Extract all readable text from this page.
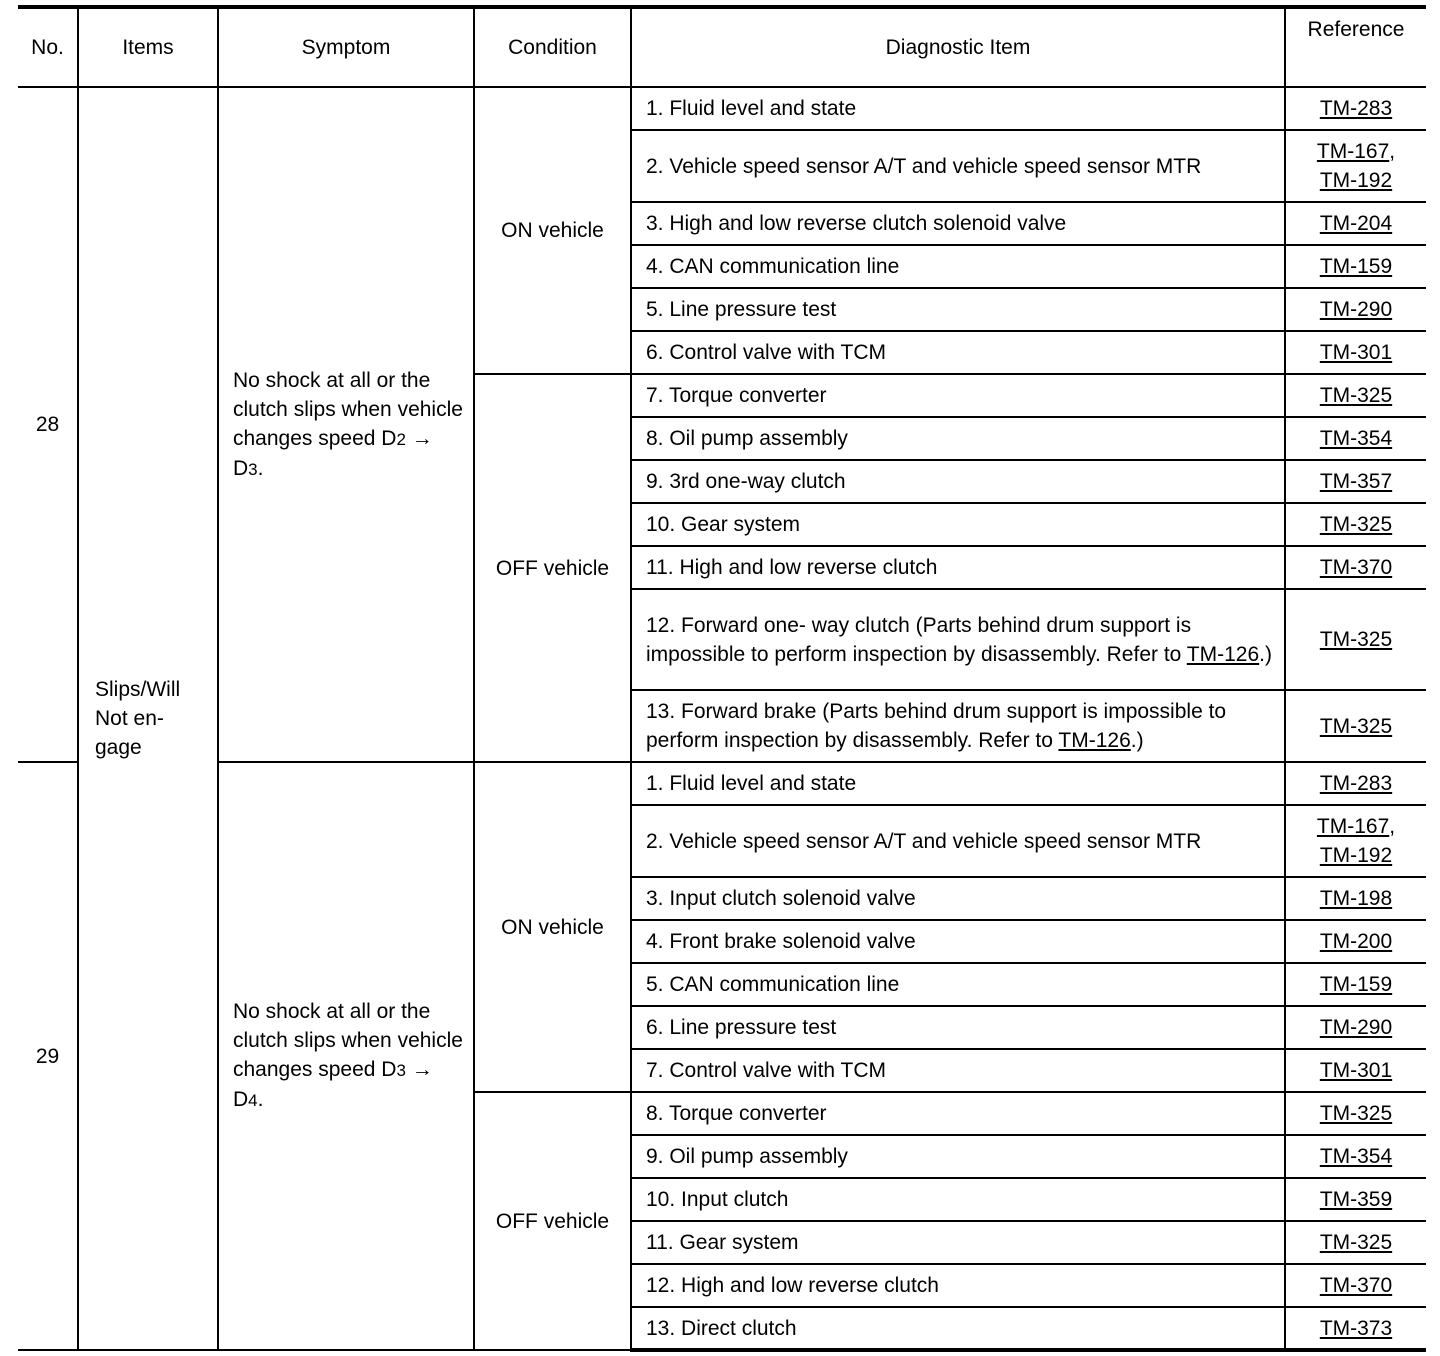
No.	Items	Symptom	Condition	Diagnostic Item	Reference
28	Slips/Will Not en-gage	No shock at all or the clutch slips when vehicle changes speed D2 → D3.	ON vehicle	1. Fluid level and state	TM-283
				2. Vehicle speed sensor A/T and vehicle speed sensor MTR	TM-167,
TM-192
				3. High and low reverse clutch solenoid valve	TM-204
				4. CAN communication line	TM-159
				5. Line pressure test	TM-290
				6. Control valve with TCM	TM-301
			OFF vehicle	7. Torque converter	TM-325
				8. Oil pump assembly	TM-354
				9. 3rd one-way clutch	TM-357
				10. Gear system	TM-325
				11. High and low reverse clutch	TM-370
				12. Forward one- way clutch (Parts behind drum support is impossible to perform inspection by disassembly. Refer to TM-126.)	TM-325
				13. Forward brake (Parts behind drum support is impossible to perform inspection by disassembly. Refer to TM-126.)	TM-325
29		No shock at all or the clutch slips when vehicle changes speed D3 → D4.	ON vehicle	1. Fluid level and state	TM-283
				2. Vehicle speed sensor A/T and vehicle speed sensor MTR	TM-167,
TM-192
				3. Input clutch solenoid valve	TM-198
				4. Front brake solenoid valve	TM-200
				5. CAN communication line	TM-159
				6. Line pressure test	TM-290
				7. Control valve with TCM	TM-301
			OFF vehicle	8. Torque converter	TM-325
				9. Oil pump assembly	TM-354
				10. Input clutch	TM-359
				11. Gear system	TM-325
				12. High and low reverse clutch	TM-370
				13. Direct clutch	TM-373
